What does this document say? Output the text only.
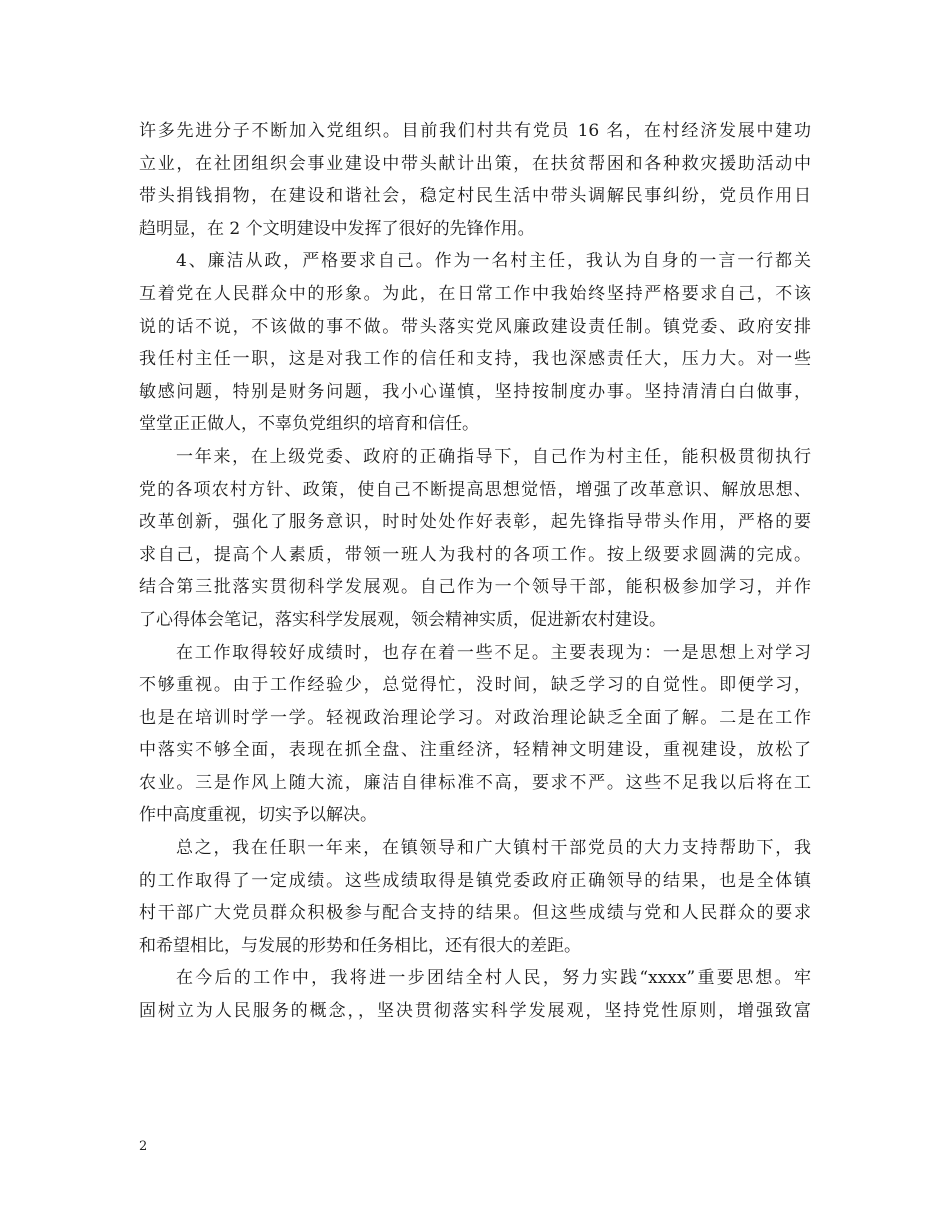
许多先进分子不断加入党组织。目前我们村共有党员 16 名，在村经济发展中建功
立业，在社团组织会事业建设中带头献计出策，在扶贫帮困和各种救灾援助活动中
带头捐钱捐物，在建设和谐社会，稳定村民生活中带头调解民事纠纷，党员作用日
趋明显，在 2 个文明建设中发挥了很好的先锋作用。
4、廉洁从政，严格要求自己。作为一名村主任，我认为自身的一言一行都关
互着党在人民群众中的形象。为此，在日常工作中我始终坚持严格要求自己，不该
说的话不说，不该做的事不做。带头落实党风廉政建设责任制。镇党委、政府安排
我任村主任一职，这是对我工作的信任和支持，我也深感责任大，压力大。对一些
敏感问题，特别是财务问题，我小心谨慎，坚持按制度办事。坚持清清白白做事，
堂堂正正做人，不辜负党组织的培育和信任。
一年来，在上级党委、政府的正确指导下，自己作为村主任，能积极贯彻执行
党的各项农村方针、政策，使自己不断提高思想觉悟，增强了改革意识、解放思想、
改革创新，强化了服务意识，时时处处作好表彰，起先锋指导带头作用，严格的要
求自己，提高个人素质，带领一班人为我村的各项工作。按上级要求圆满的完成。
结合第三批落实贯彻科学发展观。自己作为一个领导干部，能积极参加学习，并作
了心得体会笔记，落实科学发展观，领会精神实质，促进新农村建设。
在工作取得较好成绩时，也存在着一些不足。主要表现为：一是思想上对学习
不够重视。由于工作经验少，总觉得忙，没时间，缺乏学习的自觉性。即便学习，
也是在培训时学一学。轻视政治理论学习。对政治理论缺乏全面了解。二是在工作
中落实不够全面，表现在抓全盘、注重经济，轻精神文明建设，重视建设，放松了
农业。三是作风上随大流，廉洁自律标准不高，要求不严。这些不足我以后将在工
作中高度重视，切实予以解决。
总之，我在任职一年来，在镇领导和广大镇村干部党员的大力支持帮助下，我
的工作取得了一定成绩。这些成绩取得是镇党委政府正确领导的结果，也是全体镇
村干部广大党员群众积极参与配合支持的结果。但这些成绩与党和人民群众的要求
和希望相比，与发展的形势和任务相比，还有很大的差距。
在今后的工作中，我将进一步团结全村人民，努力实践“xxxx”重要思想。牢
固树立为人民服务的概念，，坚决贯彻落实科学发展观，坚持党性原则，增强致富
2
